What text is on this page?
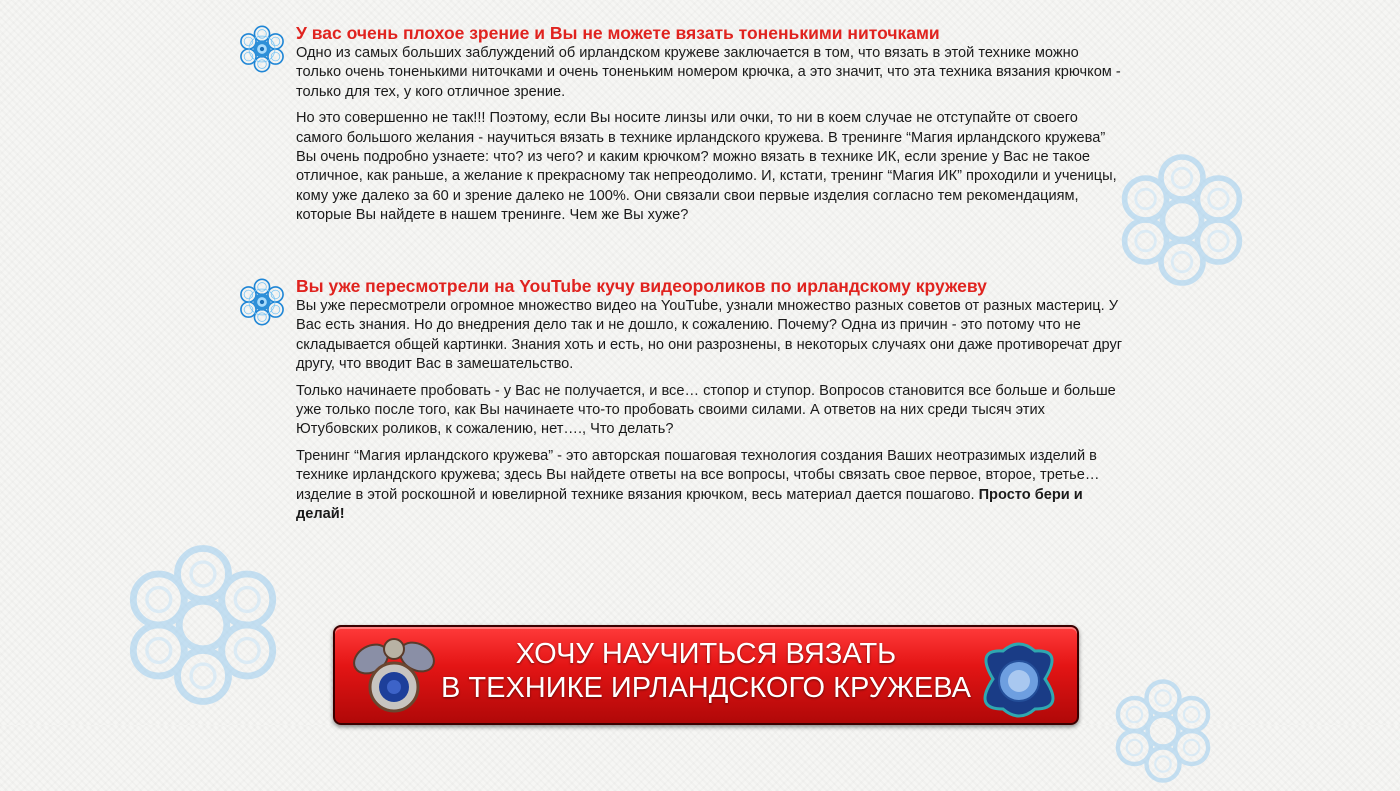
У вас очень плохое зрение и Вы не можете вязать тоненькими ниточками

Одно из самых больших заблуждений об ирландском кружеве заключается в том, что вязать в этой технике можно только очень тоненькими ниточками и очень тоненьким номером крючка, а это значит, что эта техника вязания крючком - только для тех, у кого отличное зрение.

Но это совершенно не так!!! Поэтому, если Вы носите линзы или очки, то ни в коем случае не отступайте от своего самого большого желания - научиться вязать в технике ирландского кружева. В тренинге “Магия ирландского кружева” Вы очень подробно узнаете: что? из чего? и каким крючком? можно вязать в технике ИК, если зрение у Вас не такое отличное, как раньше, а желание к прекрасному так непреодолимо. И, кстати, тренинг “Магия ИК” проходили и ученицы, кому уже далеко за 60 и зрение далеко не 100%. Они связали свои первые изделия согласно тем рекомендациям, которые Вы найдете в нашем тренинге. Чем же Вы хуже?

Вы уже пересмотрели на YouTube кучу видеороликов по ирландскому кружеву

Вы уже пересмотрели огромное множество видео на YouTube, узнали множество разных советов от разных мастериц. У Вас есть знания. Но до внедрения дело так и не дошло, к сожалению. Почему? Одна из причин - это потому что не складывается общей картинки. Знания хоть и есть, но они разрознены, в некоторых случаях они даже противоречат друг другу, что вводит Вас в замешательство.

Только начинаете пробовать - у Вас не получается, и все… стопор и ступор. Вопросов становится все больше и больше уже только после того, как Вы начинаете что-то пробовать своими силами. А ответов на них среди тысяч этих Ютубовских роликов, к сожалению, нет…., Что делать?

Тренинг “Магия ирландского кружева” - это авторская пошаговая технология создания Ваших неотразимых изделий в технике ирландского кружева; здесь Вы найдете ответы на все вопросы, чтобы связать свое первое, второе, третье… изделие в этой роскошной и ювелирной технике вязания крючком, весь материал дается пошагово. Просто бери и делай!

ХОЧУ НАУЧИТЬСЯ ВЯЗАТЬ
В ТЕХНИКЕ ИРЛАНДСКОГО КРУЖЕВА
